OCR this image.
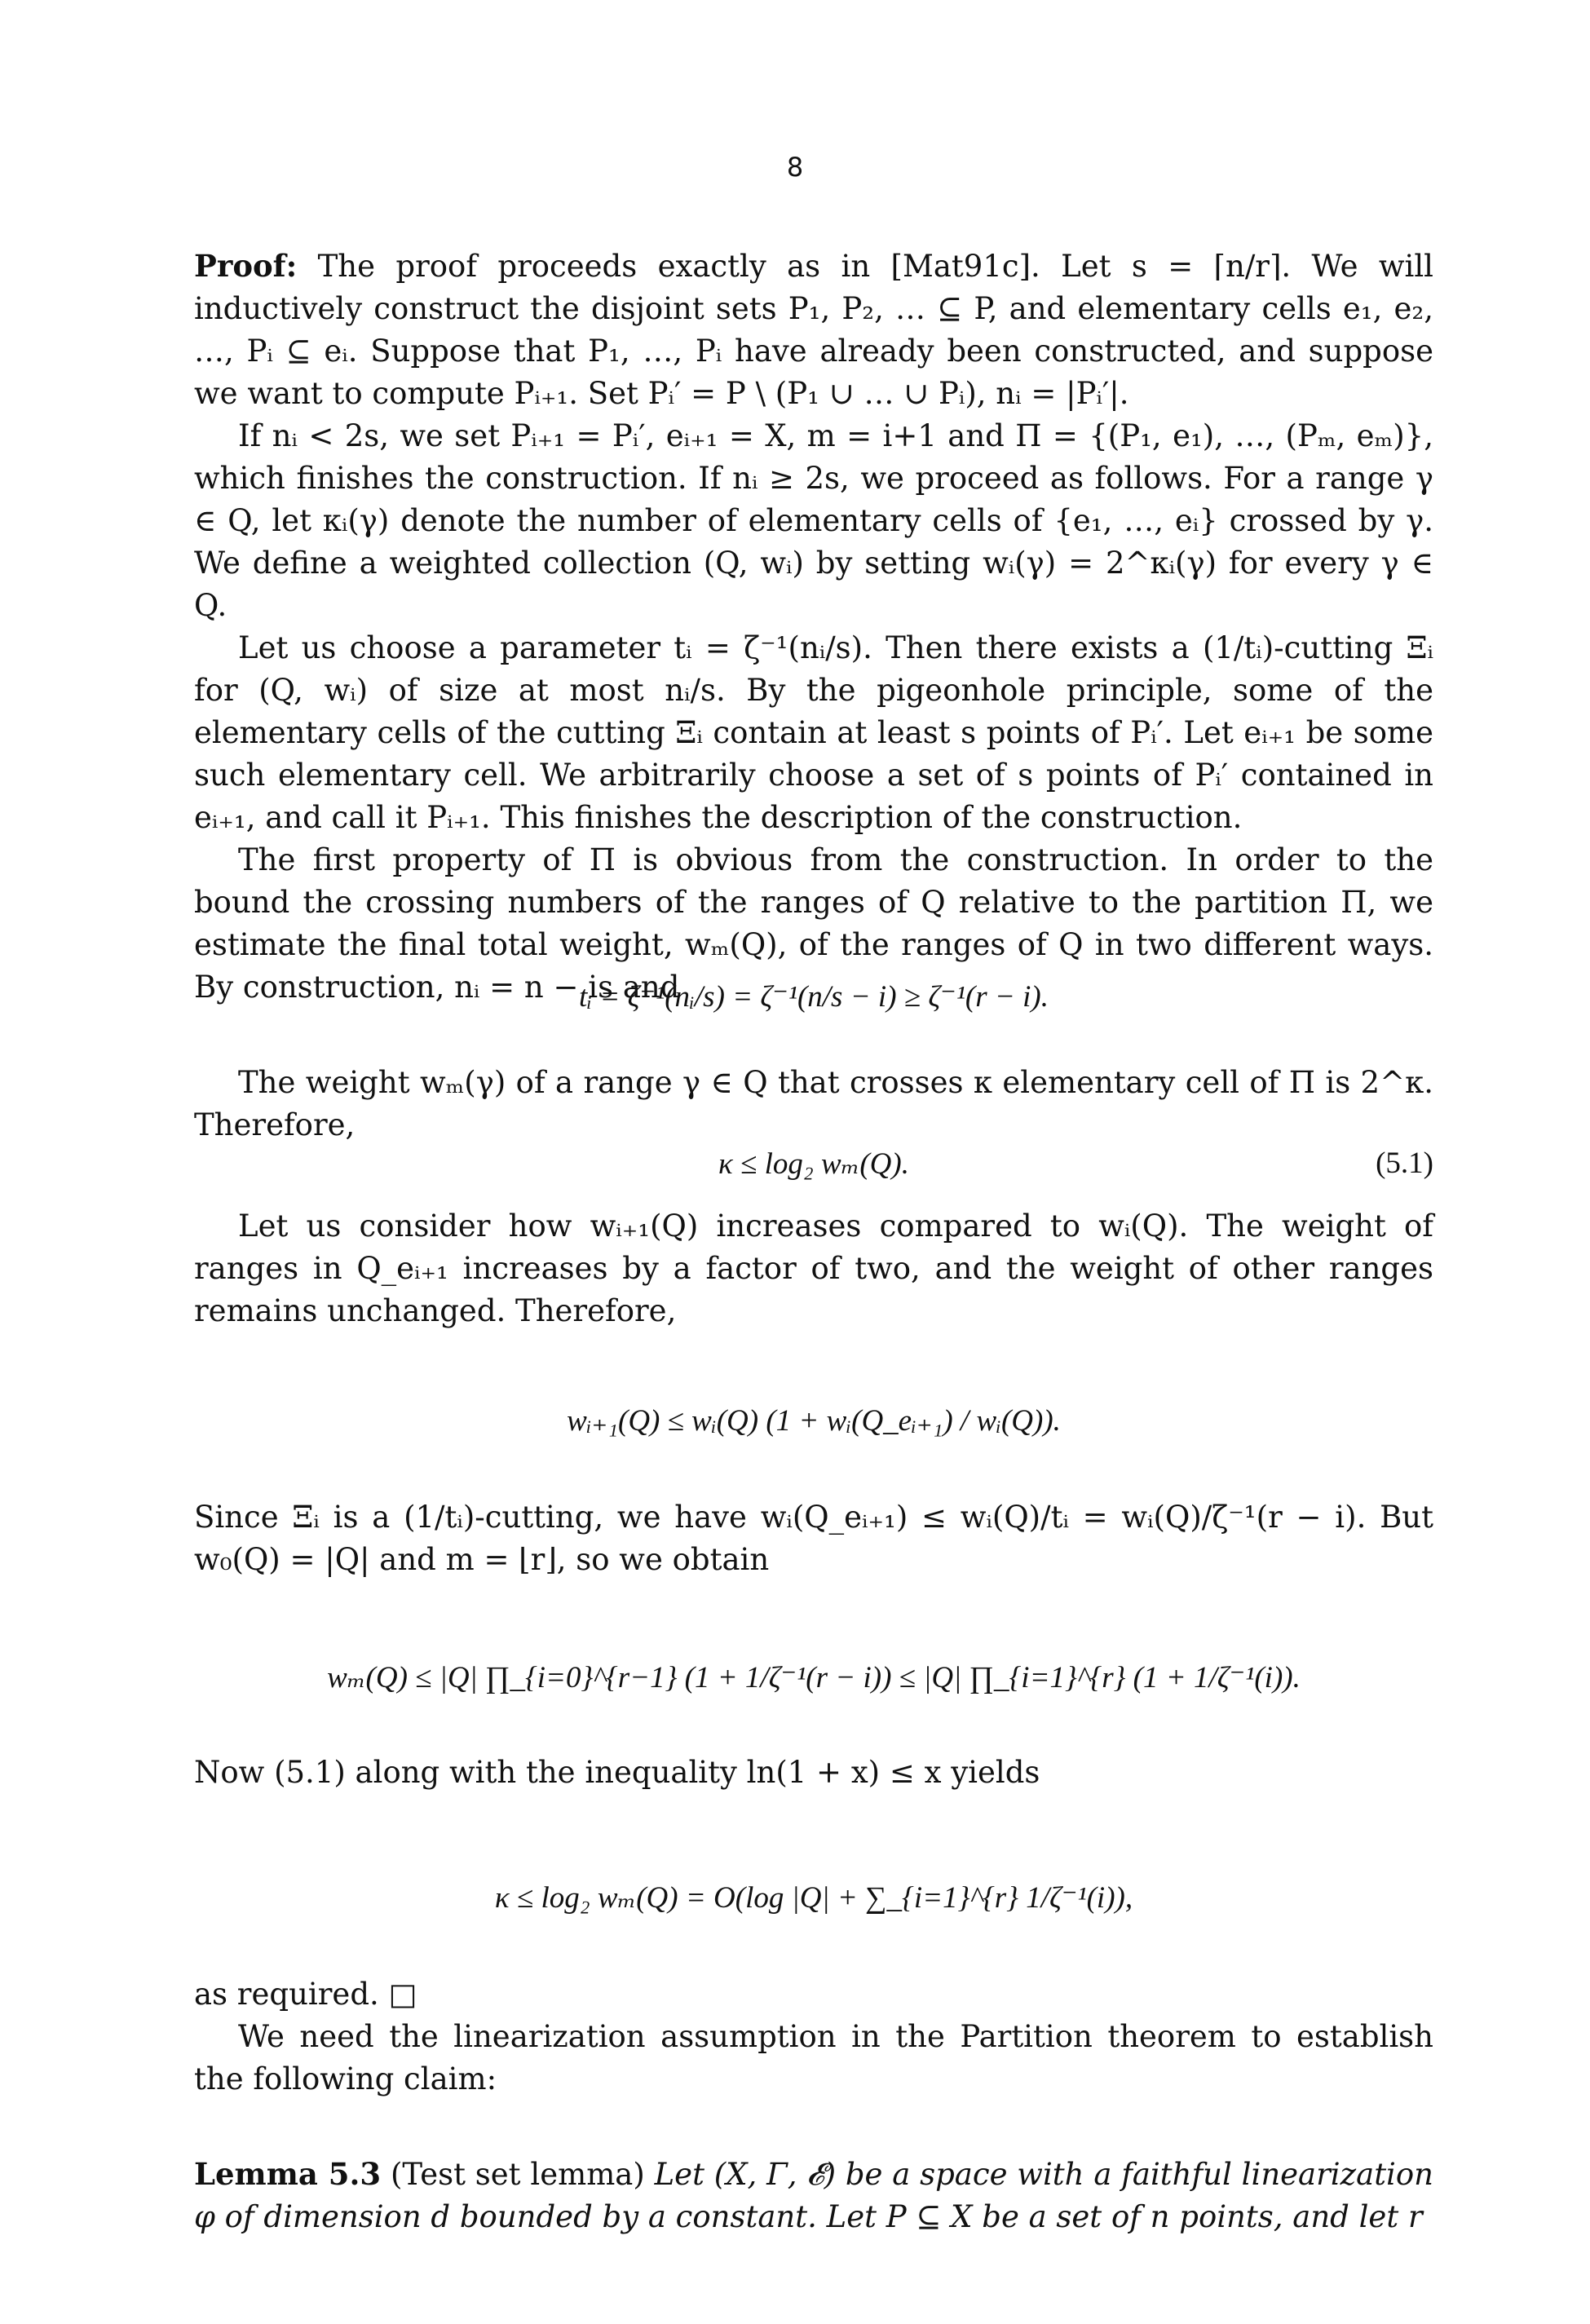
8

Proof: The proof proceeds exactly as in [Mat91c]. Let s = ⌈n/r⌉. We will inductively construct the disjoint sets P₁, P₂, … ⊆ P, and elementary cells e₁, e₂, …, Pᵢ ⊆ eᵢ. Suppose that P₁, …, Pᵢ have already been constructed, and suppose we want to compute Pᵢ₊₁. Set Pᵢ′ = P \ (P₁ ∪ … ∪ Pᵢ), nᵢ = |Pᵢ′|.

If nᵢ < 2s, we set Pᵢ₊₁ = Pᵢ′, eᵢ₊₁ = X, m = i+1 and Π = {(P₁, e₁), …, (Pₘ, eₘ)}, which finishes the construction. If nᵢ ≥ 2s, we proceed as follows. For a range γ ∈ Q, let κᵢ(γ) denote the number of elementary cells of {e₁, …, eᵢ} crossed by γ. We define a weighted collection (Q, wᵢ) by setting wᵢ(γ) = 2^κᵢ(γ) for every γ ∈ Q.

Let us choose a parameter tᵢ = ζ⁻¹(nᵢ/s). Then there exists a (1/tᵢ)-cutting Ξᵢ for (Q, wᵢ) of size at most nᵢ/s. By the pigeonhole principle, some of the elementary cells of the cutting Ξᵢ contain at least s points of Pᵢ′. Let eᵢ₊₁ be some such elementary cell. We arbitrarily choose a set of s points of Pᵢ′ contained in eᵢ₊₁, and call it Pᵢ₊₁. This finishes the description of the construction.

The first property of Π is obvious from the construction. In order to the bound the crossing numbers of the ranges of Q relative to the partition Π, we estimate the final total weight, wₘ(Q), of the ranges of Q in two different ways. By construction, nᵢ = n − is and

tᵢ = ζ⁻¹(nᵢ/s) = ζ⁻¹(n/s − i) ≥ ζ⁻¹(r − i).

The weight wₘ(γ) of a range γ ∈ Q that crosses κ elementary cell of Π is 2^κ. Therefore,

κ ≤ log₂ wₘ(Q).	(5.1)

Let us consider how wᵢ₊₁(Q) increases compared to wᵢ(Q). The weight of ranges in Q_eᵢ₊₁ increases by a factor of two, and the weight of other ranges remains unchanged. Therefore,

wᵢ₊₁(Q) ≤ wᵢ(Q) (1 + wᵢ(Q_eᵢ₊₁) / wᵢ(Q)).

Since Ξᵢ is a (1/tᵢ)-cutting, we have wᵢ(Q_eᵢ₊₁) ≤ wᵢ(Q)/tᵢ = wᵢ(Q)/ζ⁻¹(r − i). But w₀(Q) = |Q| and m = ⌊r⌋, so we obtain

wₘ(Q) ≤ |Q| ∏_{i=0}^{r−1} (1 + 1/ζ⁻¹(r − i)) ≤ |Q| ∏_{i=1}^{r} (1 + 1/ζ⁻¹(i)).

Now (5.1) along with the inequality ln(1 + x) ≤ x yields

κ ≤ log₂ wₘ(Q) = O(log |Q| + ∑_{i=1}^{r} 1/ζ⁻¹(i)),

as required. □

We need the linearization assumption in the Partition theorem to establish the following claim:

Lemma 5.3 (Test set lemma) Let (X, Γ, 𝓔) be a space with a faithful linearization φ of dimension d bounded by a constant. Let P ⊆ X be a set of n points, and let r
